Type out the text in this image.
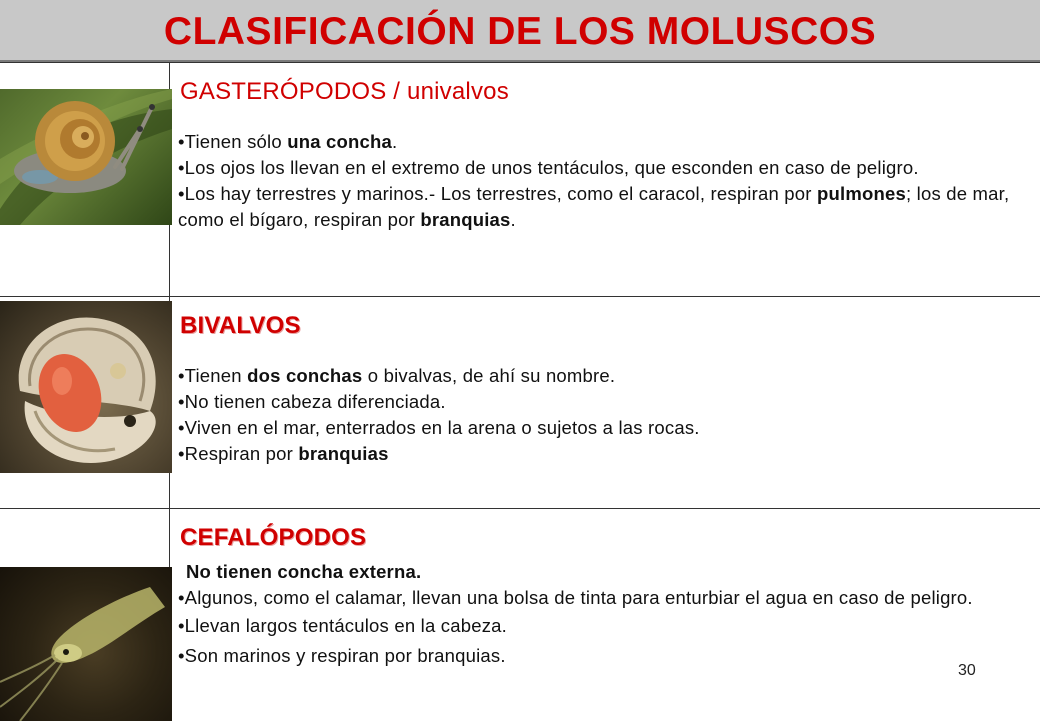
CLASIFICACIÓN DE LOS MOLUSCOS
GASTERÓPODOS / univalvos

•Tienen sólo una concha.

•Los ojos los llevan en el extremo de unos tentáculos, que esconden en caso de peligro.

•Los hay terrestres y marinos.- Los terrestres, como el caracol, respiran por pulmones; los de mar, como el bígaro, respiran por branquias.

BIVALVOS

•Tienen dos conchas o bivalvas, de ahí su nombre.

•No tienen cabeza diferenciada.

•Viven en el mar, enterrados en la arena o sujetos a las rocas.

•Respiran por branquias

CEFALÓPODOS

No tienen concha externa.

•Algunos, como el calamar, llevan una bolsa de tinta para enturbiar el agua en caso de peligro.

•Llevan largos tentáculos en la cabeza.

•Son marinos y respiran por branquias.

30
